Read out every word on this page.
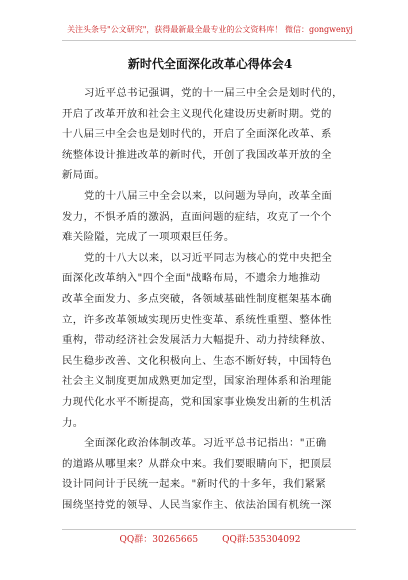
关注头条号"公文研究"，获得最新最全最专业的公文资料库！ 微信：gongwenyj
新时代全面深化改革心得体会4
习近平总书记强调，党的十一届三中全会是划时代的，
开启了改革开放和社会主义现代化建设历史新时期。党的
十八届三中全会也是划时代的，开启了全面深化改革、系
统整体设计推进改革的新时代，开创了我国改革开放的全
新局面。
党的十八届三中全会以来，以问题为导向，改革全面
发力，不惧矛盾的激涡，直面问题的症结，攻克了一个个
难关险隘，完成了一项项艰巨任务。
党的十八大以来，以习近平同志为核心的党中央把全
面深化改革纳入"四个全面"战略布局，不遗余力地推动
改革全面发力、多点突破，各领域基础性制度框架基本确
立，许多改革领域实现历史性变革、系统性重塑、整体性
重构，带动经济社会发展活力大幅提升、动力持续释放、
民生稳步改善、文化积极向上、生态不断好转，中国特色
社会主义制度更加成熟更加定型，国家治理体系和治理能
力现代化水平不断提高，党和国家事业焕发出新的生机活
力。
全面深化政治体制改革。习近平总书记指出："正确
的道路从哪里来？从群众中来。我们要眼睛向下，把顶层
设计同问计于民统一起来。"新时代的十多年，我们紧紧
围绕坚持党的领导、人民当家作主、依法治国有机统一深
QQ群：30265665	QQ群:535304092
